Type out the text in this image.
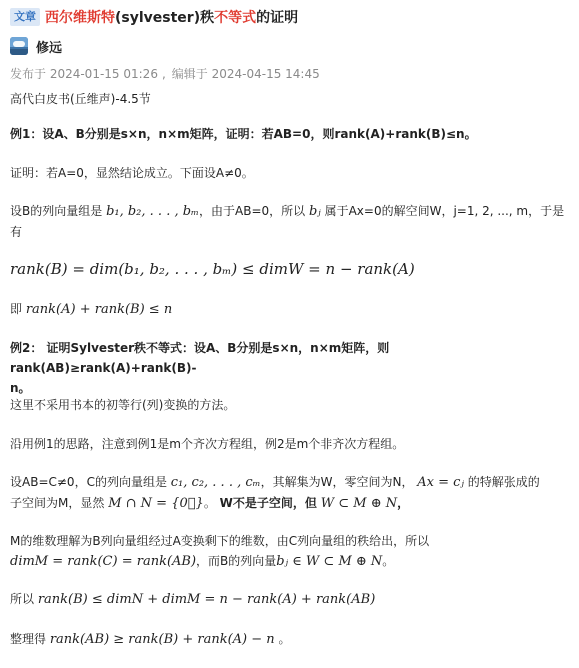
文章 西尔维斯特(sylvester)秩不等式的证明
修远
发布于 2024-01-15 01:26 , 编辑于 2024-04-15 14:45
高代白皮书(丘维声)-4.5节
例1：设A、B分别是s×n，n×m矩阵，证明：若AB=0，则rank(A)+rank(B)≤n。
证明：若A=0，显然结论成立。下面设A≠0。
设B的列向量组是 b₁, b₂, . . . , bₘ，由于AB=0，所以 bⱼ 属于Ax=0的解空间W，j=1, 2, ..., m，于是
有
rank(B) = dim(b₁, b₂, . . . , bₘ) ≤ dimW = n − rank(A)
即 rank(A) + rank(B) ≤ n
例2： 证明Sylvester秩不等式：设A、B分别是s×n，n×m矩阵，则rank(AB)≥rank(A)+rank(B)-
n。
这里不采用书本的初等行(列)变换的方法。
沿用例1的思路，注意到例1是m个齐次方程组，例2是m个非齐次方程组。
设AB=C≠0，C的列向量组是 c₁, c₂, . . . , cₘ，其解集为W，零空间为N， Ax = cⱼ 的特解张成的
子空间为M，显然 M ∩ N = {0⃗}。 W不是子空间，但 W ⊂ M ⊕ N，
M的维数理解为B列向量组经过A变换剩下的维数，由C列向量组的秩给出，所以
dimM = rank(C) = rank(AB)，而B的列向量bⱼ ∈ W ⊂ M ⊕ N。
所以 rank(B) ≤ dimN + dimM = n − rank(A) + rank(AB)
整理得 rank(AB) ≥ rank(B) + rank(A) − n 。
